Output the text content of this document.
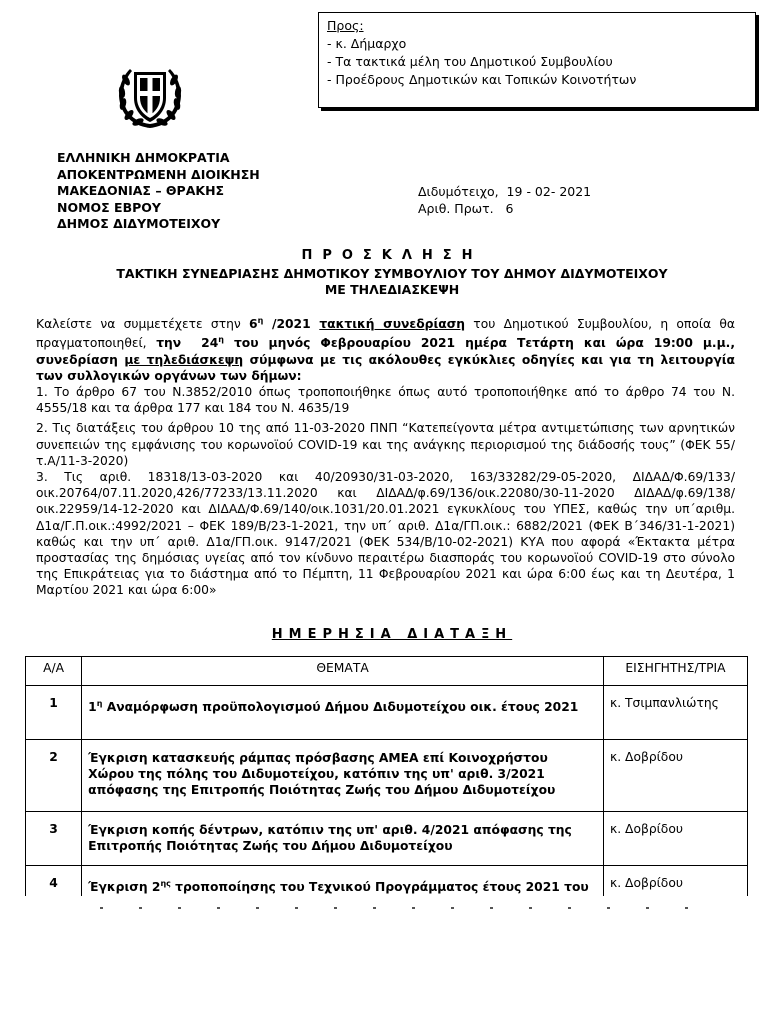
Προς:
- κ. Δήμαρχο
- Τα τακτικά μέλη του Δημοτικού Συμβουλίου
- Προέδρους Δημοτικών και Τοπικών Κοινοτήτων
ΕΛΛΗΝΙΚΗ ΔΗΜΟΚΡΑΤΙΑ
ΑΠΟΚΕΝΤΡΩΜΕΝΗ ΔΙΟΙΚΗΣΗ
ΜΑΚΕΔΟΝΙΑΣ – ΘΡΑΚΗΣ
ΝΟΜΟΣ ΕΒΡΟΥ
ΔΗΜΟΣ ΔΙΔΥΜΟΤΕΙΧΟΥ
Διδυμότειχο,  19 - 02- 2021
Αριθ. Πρωτ.   6
ΠΡΟΣΚΛΗΣΗ
ΤΑΚΤΙΚΗ ΣΥΝΕΔΡΙΑΣΗΣ ΔΗΜΟΤΙΚΟΥ ΣΥΜΒΟΥΛΙΟΥ ΤΟΥ ΔΗΜΟΥ ΔΙΔΥΜΟΤΕΙΧΟΥ
ΜΕ ΤΗΛΕΔΙΑΣΚΕΨΗ

Καλείστε να συμμετέχετε στην $6^\eta$ /2021 τακτική συνεδρίαση του Δημοτικού Συμβουλίου, η οποία θα πραγματοποιηθεί, την  $24^\eta$ του μηνός Φεβρουαρίου 2021 ημέρα Τετάρτη και ώρα 19:00 μ.μ., συνεδρίαση με τηλεδιάσκεψη σύμφωνα με τις ακόλουθες εγκύκλιες οδηγίες και για τη λειτουργία των συλλογικών οργάνων των δήμων:

1. Το άρθρο 67 του Ν.3852/2010 όπως τροποποιήθηκε όπως αυτό τροποποιήθηκε από το άρθρο 74 του Ν. 4555/18 και τα άρθρα 177 και 184 του Ν. 4635/19

2. Τις διατάξεις του άρθρου 10 της από 11-03-2020 ΠΝΠ “Κατεπείγοντα μέτρα αντιμετώπισης των αρνητικών συνεπειών της εμφάνισης του κορωνοϊού COVID-19 και της ανάγκης περιορισμού της διάδοσής τους” (ΦΕΚ 55/τ.Α/11-3-2020)

3. Τις αριθ. 18318/13-03-2020 και 40/20930/31-03-2020, 163/33282/29-05-2020, ΔΙΔΑΔ/Φ.69/133/οικ.20764/07.11.2020,426/77233/13.11.2020 και ΔΙΔΑΔ/φ.69/136/οικ.22080/30-11-2020 ΔΙΔΑΔ/φ.69/138/οικ.22959/14-12-2020 και ΔΙΔΑΔ/Φ.69/140/οικ.1031/20.01.2021 εγκυκλίους του ΥΠΕΣ, καθώς την υπ΄αριθμ. Δ1α/Γ.Π.οικ.:4992/2021 – ΦΕΚ 189/Β/23-1-2021, την υπ΄ αριθ. Δ1α/ΓΠ.οικ.: 6882/2021 (ΦΕΚ Β΄346/31-1-2021) καθώς και την υπ΄ αριθ. Δ1α/ΓΠ.οικ. 9147/2021 (ΦΕΚ 534/Β/10-02-2021) ΚΥΑ που αφορά «Έκτακτα μέτρα προστασίας της δημόσιας υγείας από τον κίνδυνο περαιτέρω διασποράς του κορωνοϊού COVID-19 στο σύνολο της Επικράτειας για το διάστημα από το Πέμπτη, 11 Φεβρουαρίου 2021 και ώρα 6:00 έως και τη Δευτέρα, 1 Μαρτίου 2021 και ώρα 6:00»

ΗΜΕΡΗΣΙΑ ΔΙΑΤΑΞΗ
Α/Α	ΘΕΜΑΤΑ	ΕΙΣΗΓΗΤΗΣ/ΤΡΙΑ
1	$1^\eta$ Αναμόρφωση προϋπολογισμού Δήμου Διδυμοτείχου οικ. έτους 2021	κ. Τσιμπανλιώτης
2	Έγκριση κατασκευής ράμπας πρόσβασης ΑΜΕΑ επί Κοινοχρήστου Χώρου της πόλης του Διδυμοτείχου, κατόπιν της υπ' αριθ. 3/2021 απόφασης της Επιτροπής Ποιότητας Ζωής του Δήμου Διδυμοτείχου	κ. Δοβρίδου
3	Έγκριση κοπής δέντρων, κατόπιν της υπ' αριθ. 4/2021 απόφασης της Επιτροπής Ποιότητας Ζωής του Δήμου Διδυμοτείχου	κ. Δοβρίδου
4	Έγκριση $2^{\eta\varsigma}$ τροποποίησης του Τεχνικού Προγράμματος έτους 2021 του	κ. Δοβρίδου
